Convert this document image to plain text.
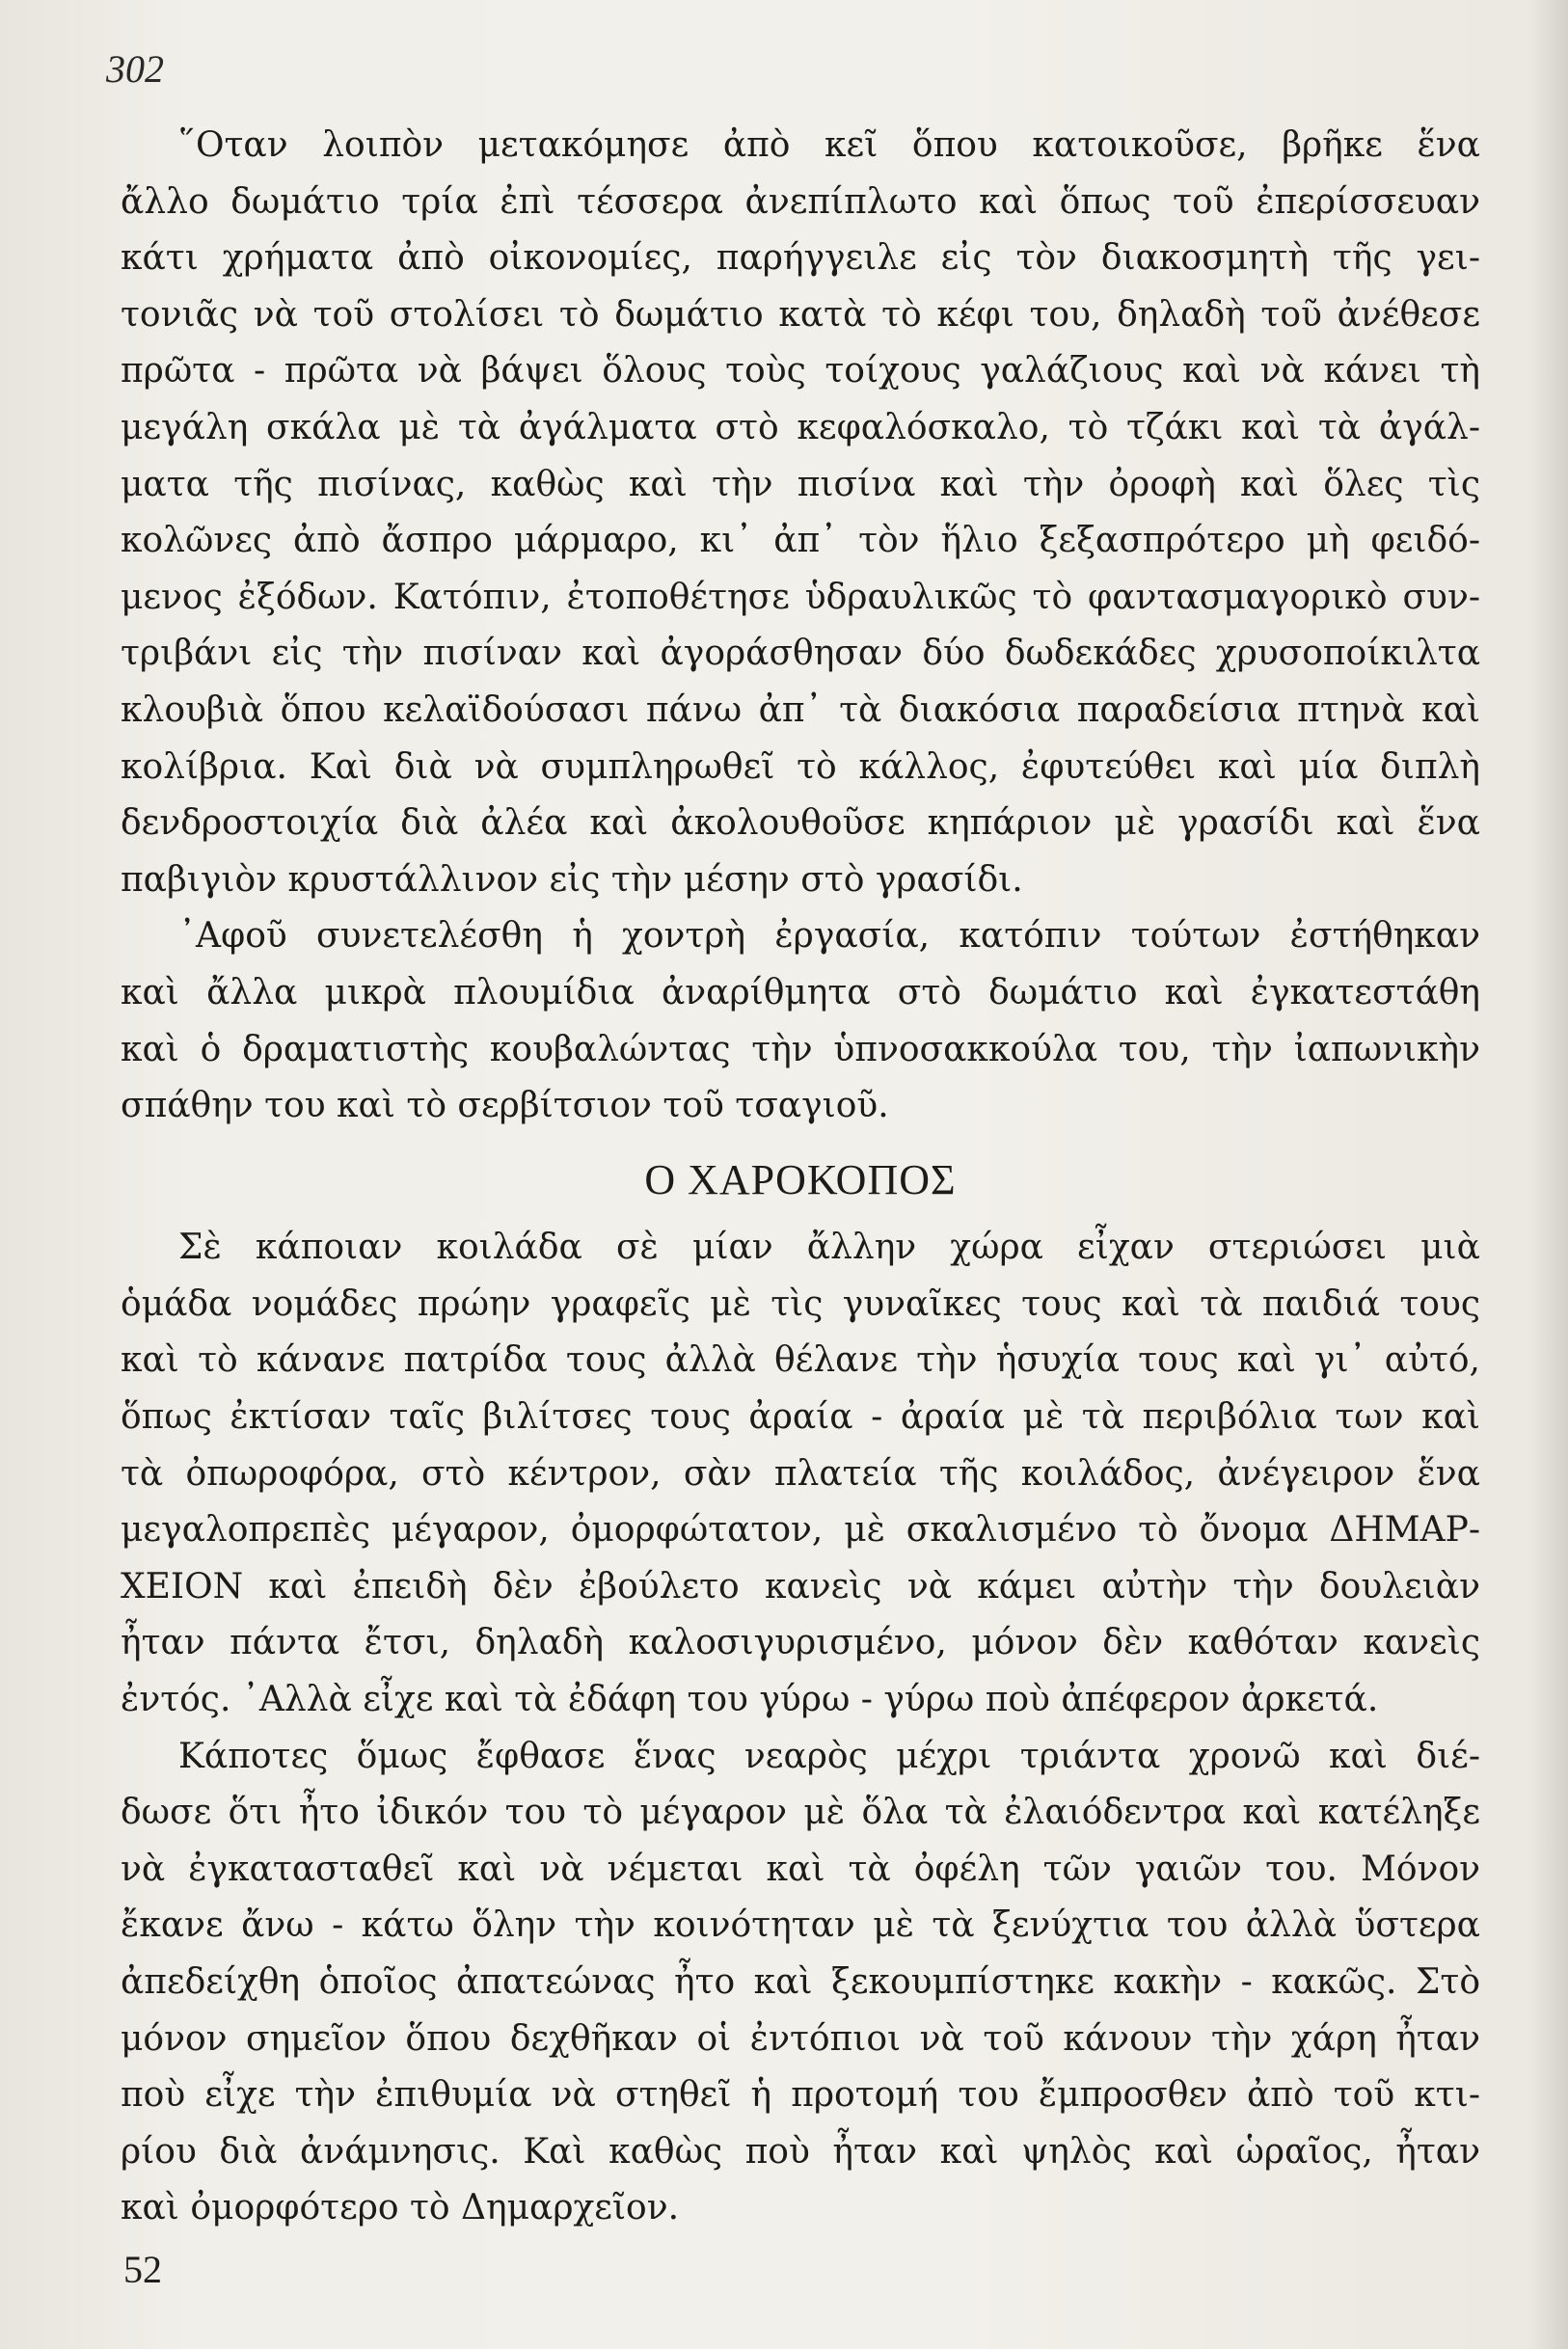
302
῞Οταν λοιπὸν μετακόμησε ἀπὸ κεῖ ὅπου κατοικοῦσε, βρῆκε ἕνα
ἄλλο δωμάτιο τρία ἐπὶ τέσσερα ἀνεπίπλωτο καὶ ὅπως τοῦ ἐπερίσσευαν
κάτι χρήματα ἀπὸ οἰκονομίες, παρήγγειλε εἰς τὸν διακοσμητὴ τῆς γει-
τονιᾶς νὰ τοῦ στολίσει τὸ δωμάτιο κατὰ τὸ κέφι του, δηλαδὴ τοῦ ἀνέθεσε
πρῶτα - πρῶτα νὰ βάψει ὅλους τοὺς τοίχους γαλάζιους καὶ νὰ κάνει τὴ
μεγάλη σκάλα μὲ τὰ ἀγάλματα στὸ κεφαλόσκαλο, τὸ τζάκι καὶ τὰ ἀγάλ-
ματα τῆς πισίνας, καθὼς καὶ τὴν πισίνα καὶ τὴν ὀροφὴ καὶ ὅλες τὶς
κολῶνες ἀπὸ ἄσπρο μάρμαρο, κι᾿ ἀπ᾿ τὸν ἥλιο ξεξασπρότερο μὴ φειδό-
μενος ἐξόδων. Κατόπιν, ἐτοποθέτησε ὑδραυλικῶς τὸ φαντασμαγορικὸ συν-
τριβάνι εἰς τὴν πισίναν καὶ ἀγοράσθησαν δύο δωδεκάδες χρυσοποίκιλτα
κλουβιὰ ὅπου κελαϊδούσασι πάνω ἀπ᾿ τὰ διακόσια παραδείσια πτηνὰ καὶ
κολίβρια. Καὶ διὰ νὰ συμπληρωθεῖ τὸ κάλλος, ἐφυτεύθει καὶ μία διπλὴ
δενδροστοιχία διὰ ἀλέα καὶ ἀκολουθοῦσε κηπάριον μὲ γρασίδι καὶ ἕνα
παβιγιὸν κρυστάλλινον εἰς τὴν μέσην στὸ γρασίδι.
᾿Αφοῦ συνετελέσθη ἡ χοντρὴ ἐργασία, κατόπιν τούτων ἐστήθηκαν
καὶ ἄλλα μικρὰ πλουμίδια ἀναρίθμητα στὸ δωμάτιο καὶ ἐγκατεστάθη
καὶ ὁ δραματιστὴς κουβαλώντας τὴν ὑπνοσακκούλα του, τὴν ἰαπωνικὴν
σπάθην του καὶ τὸ σερβίτσιον τοῦ τσαγιοῦ.
Ο ΧΑΡΟΚΟΠΟΣ
Σὲ κάποιαν κοιλάδα σὲ μίαν ἄλλην χώρα εἶχαν στεριώσει μιὰ
ὁμάδα νομάδες πρώην γραφεῖς μὲ τὶς γυναῖκες τους καὶ τὰ παιδιά τους
καὶ τὸ κάνανε πατρίδα τους ἀλλὰ θέλανε τὴν ἡσυχία τους καὶ γι᾿ αὐτό,
ὅπως ἐκτίσαν ταῖς βιλίτσες τους ἀραία - ἀραία μὲ τὰ περιβόλια των καὶ
τὰ ὀπωροφόρα, στὸ κέντρον, σὰν πλατεία τῆς κοιλάδος, ἀνέγειρον ἕνα
μεγαλοπρεπὲς μέγαρον, ὀμορφώτατον, μὲ σκαλισμένο τὸ ὄνομα ΔΗΜΑΡ-
ΧΕΙΟΝ καὶ ἐπειδὴ δὲν ἐβούλετο κανεὶς νὰ κάμει αὐτὴν τὴν δουλειὰν
ἦταν πάντα ἔτσι, δηλαδὴ καλοσιγυρισμένο, μόνον δὲν καθόταν κανεὶς
ἐντός. ᾿Αλλὰ εἶχε καὶ τὰ ἐδάφη του γύρω - γύρω ποὺ ἀπέφερον ἀρκετά.
Κάποτες ὅμως ἔφθασε ἕνας νεαρὸς μέχρι τριάντα χρονῶ καὶ διέ-
δωσε ὅτι ἦτο ἰδικόν του τὸ μέγαρον μὲ ὅλα τὰ ἐλαιόδεντρα καὶ κατέληξε
νὰ ἐγκατασταθεῖ καὶ νὰ νέμεται καὶ τὰ ὀφέλη τῶν γαιῶν του. Μόνον
ἔκανε ἄνω - κάτω ὅλην τὴν κοινότηταν μὲ τὰ ξενύχτια του ἀλλὰ ὕστερα
ἀπεδείχθη ὁποῖος ἀπατεώνας ἦτο καὶ ξεκουμπίστηκε κακὴν - κακῶς. Στὸ
μόνον σημεῖον ὅπου δεχθῆκαν οἱ ἐντόπιοι νὰ τοῦ κάνουν τὴν χάρη ἦταν
ποὺ εἶχε τὴν ἐπιθυμία νὰ στηθεῖ ἡ προτομή του ἔμπροσθεν ἀπὸ τοῦ κτι-
ρίου διὰ ἀνάμνησις. Καὶ καθὼς ποὺ ἦταν καὶ ψηλὸς καὶ ὡραῖος, ἦταν
καὶ ὀμορφότερο τὸ Δημαρχεῖον.
52
